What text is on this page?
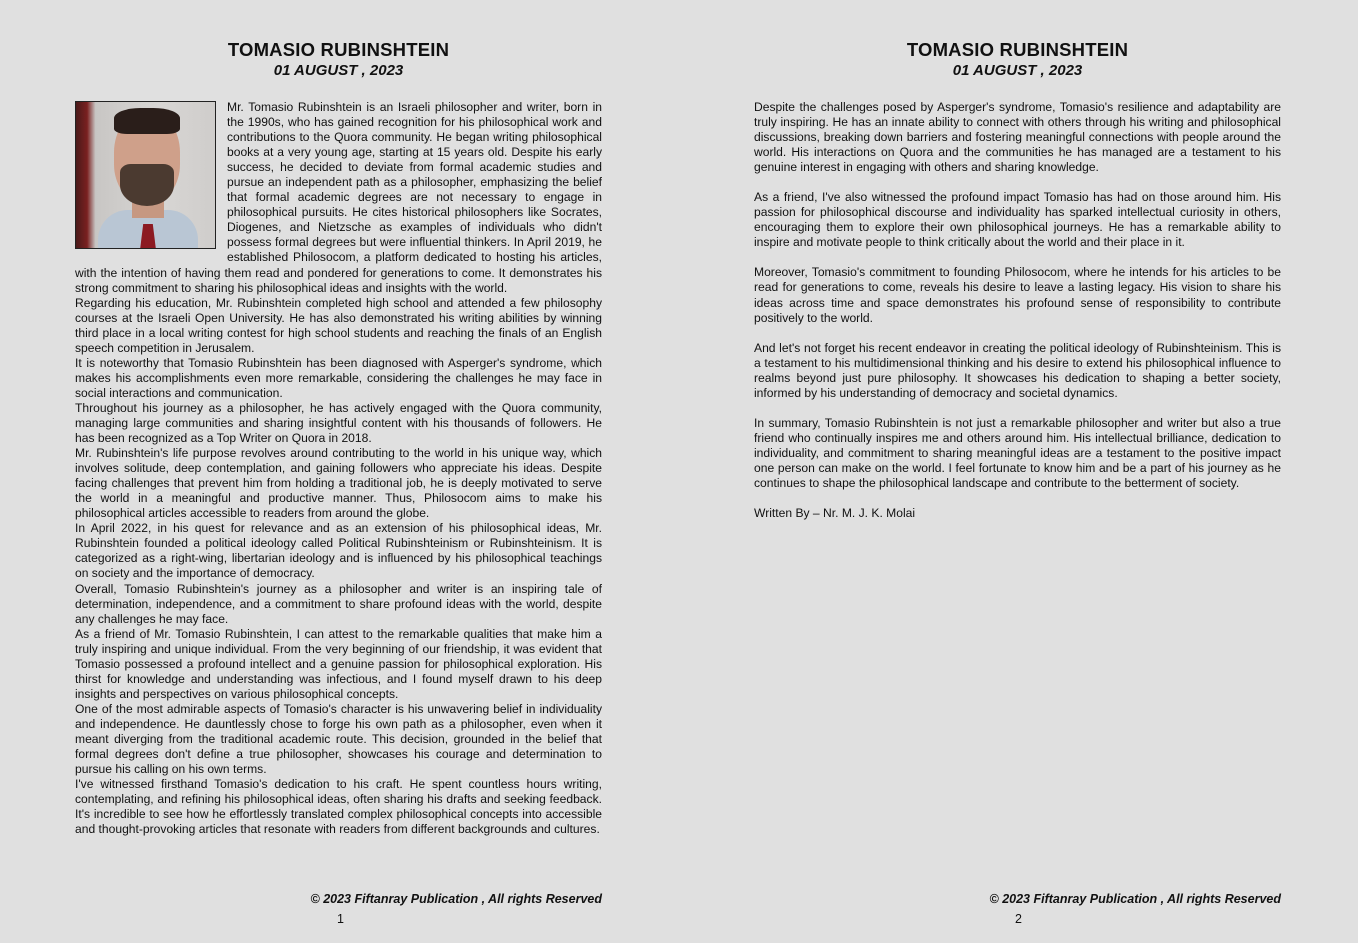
TOMASIO RUBINSHTEIN
01 AUGUST , 2023

Mr. Tomasio Rubinshtein is an Israeli philosopher and writer, born in the 1990s, who has gained recognition for his philosophical work and contributions to the Quora community. He began writing philosophical books at a very young age, starting at 15 years old. Despite his early success, he decided to deviate from formal academic studies and pursue an independent path as a philosopher, emphasizing the belief that formal academic degrees are not necessary to engage in philosophical pursuits. He cites historical philosophers like Socrates, Diogenes, and Nietzsche as examples of individuals who didn't possess formal degrees but were influential thinkers. In April 2019, he established Philosocom, a platform dedicated to hosting his articles, with the intention of having them read and pondered for generations to come. It demonstrates his strong commitment to sharing his philosophical ideas and insights with the world.

Regarding his education, Mr. Rubinshtein completed high school and attended a few philosophy courses at the Israeli Open University. He has also demonstrated his writing abilities by winning third place in a local writing contest for high school students and reaching the finals of an English speech competition in Jerusalem.

It is noteworthy that Tomasio Rubinshtein has been diagnosed with Asperger's syndrome, which makes his accomplishments even more remarkable, considering the challenges he may face in social interactions and communication.

Throughout his journey as a philosopher, he has actively engaged with the Quora community, managing large communities and sharing insightful content with his thousands of followers. He has been recognized as a Top Writer on Quora in 2018.

Mr. Rubinshtein's life purpose revolves around contributing to the world in his unique way, which involves solitude, deep contemplation, and gaining followers who appreciate his ideas. Despite facing challenges that prevent him from holding a traditional job, he is deeply motivated to serve the world in a meaningful and productive manner. Thus, Philosocom aims to make his philosophical articles accessible to readers from around the globe.

In April 2022, in his quest for relevance and as an extension of his philosophical ideas, Mr. Rubinshtein founded a political ideology called Political Rubinshteinism or Rubinshteinism. It is categorized as a right-wing, libertarian ideology and is influenced by his philosophical teachings on society and the importance of democracy.

Overall, Tomasio Rubinshtein's journey as a philosopher and writer is an inspiring tale of determination, independence, and a commitment to share profound ideas with the world, despite any challenges he may face.

As a friend of Mr. Tomasio Rubinshtein, I can attest to the remarkable qualities that make him a truly inspiring and unique individual. From the very beginning of our friendship, it was evident that Tomasio possessed a profound intellect and a genuine passion for philosophical exploration. His thirst for knowledge and understanding was infectious, and I found myself drawn to his deep insights and perspectives on various philosophical concepts.

One of the most admirable aspects of Tomasio's character is his unwavering belief in individuality and independence. He dauntlessly chose to forge his own path as a philosopher, even when it meant diverging from the traditional academic route. This decision, grounded in the belief that formal degrees don't define a true philosopher, showcases his courage and determination to pursue his calling on his own terms.

I've witnessed firsthand Tomasio's dedication to his craft. He spent countless hours writing, contemplating, and refining his philosophical ideas, often sharing his drafts and seeking feedback. It's incredible to see how he effortlessly translated complex philosophical concepts into accessible and thought-provoking articles that resonate with readers from different backgrounds and cultures.

© 2023 Fiftanray Publication , All rights Reserved
1
TOMASIO RUBINSHTEIN
01 AUGUST , 2023

Despite the challenges posed by Asperger's syndrome, Tomasio's resilience and adaptability are truly inspiring. He has an innate ability to connect with others through his writing and philosophical discussions, breaking down barriers and fostering meaningful connections with people around the world. His interactions on Quora and the communities he has managed are a testament to his genuine interest in engaging with others and sharing knowledge.

As a friend, I've also witnessed the profound impact Tomasio has had on those around him. His passion for philosophical discourse and individuality has sparked intellectual curiosity in others, encouraging them to explore their own philosophical journeys. He has a remarkable ability to inspire and motivate people to think critically about the world and their place in it.

Moreover, Tomasio's commitment to founding Philosocom, where he intends for his articles to be read for generations to come, reveals his desire to leave a lasting legacy. His vision to share his ideas across time and space demonstrates his profound sense of responsibility to contribute positively to the world.

And let's not forget his recent endeavor in creating the political ideology of Rubinshteinism. This is a testament to his multidimensional thinking and his desire to extend his philosophical influence to realms beyond just pure philosophy. It showcases his dedication to shaping a better society, informed by his understanding of democracy and societal dynamics.

In summary, Tomasio Rubinshtein is not just a remarkable philosopher and writer but also a true friend who continually inspires me and others around him. His intellectual brilliance, dedication to individuality, and commitment to sharing meaningful ideas are a testament to the positive impact one person can make on the world. I feel fortunate to know him and be a part of his journey as he continues to shape the philosophical landscape and contribute to the betterment of society.

Written By – Nr. M. J. K. Molai

© 2023 Fiftanray Publication , All rights Reserved
2
